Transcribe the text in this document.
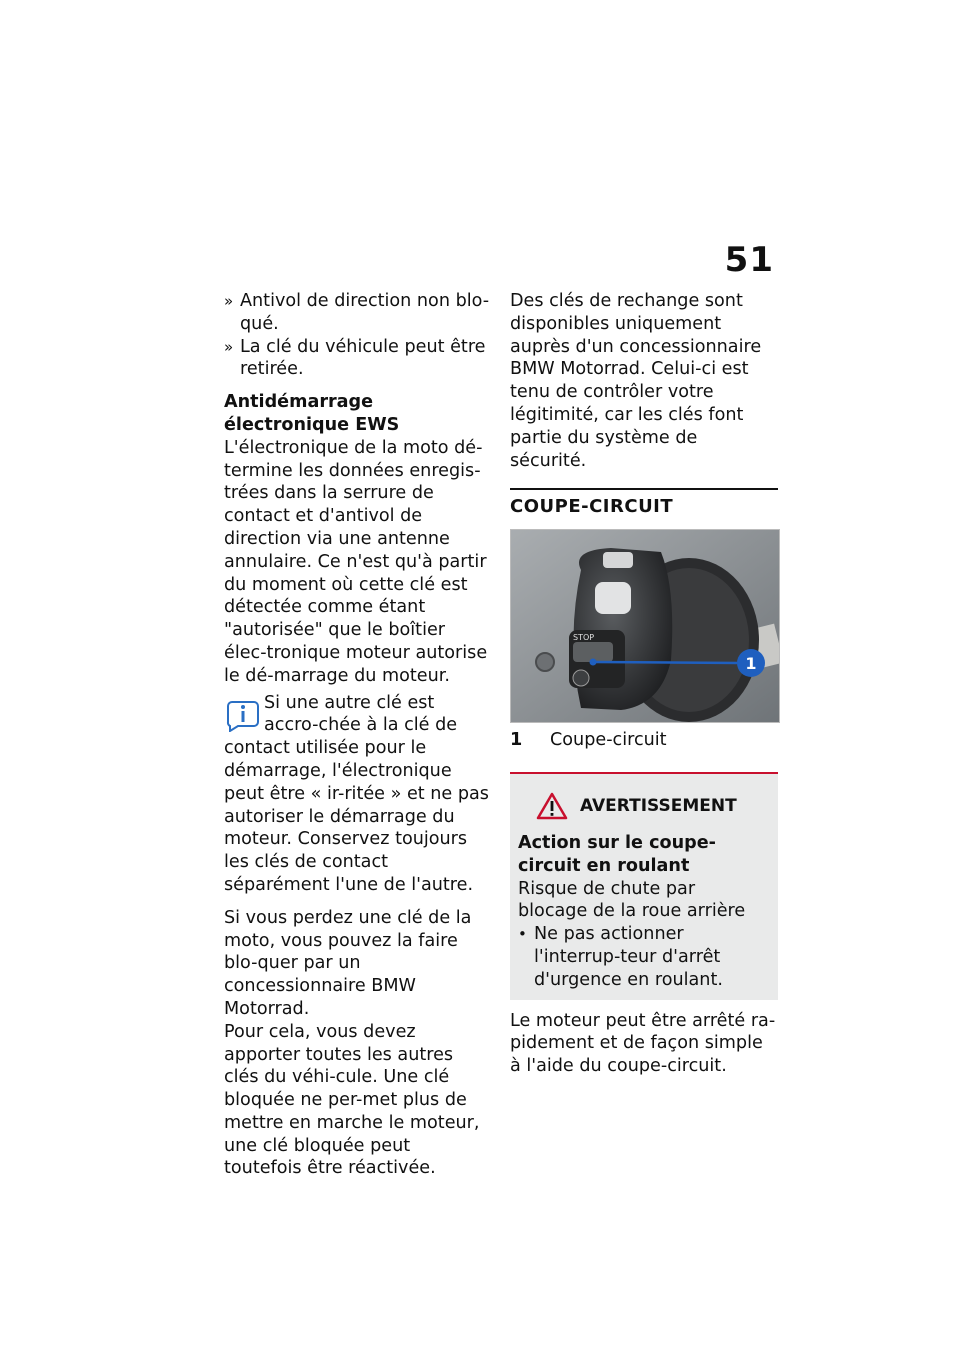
51
» Antivol de direction non blo-
qué.
» La clé du véhicule peut être
retirée.

Antidémarrage électronique EWS

L'électronique de la moto dé-termine les données enregis-trées dans la serrure de contact et d'antivol de direction via une antenne annulaire. Ce n'est qu'à partir du moment où cette clé est détectée comme étant "autorisée" que le boîtier élec-tronique moteur autorise le dé-marrage du moteur.

Si une autre clé est accro-chée à la clé de contact utilisée pour le démarrage, l'électronique peut être « ir-ritée » et ne pas autoriser le démarrage du moteur. Conservez toujours les clés de contact séparément l'une de l'autre.

Si vous perdez une clé de la moto, vous pouvez la faire blo-quer par un concessionnaire BMW Motorrad.

Pour cela, vous devez apporter toutes les autres clés du véhi-cule. Une clé bloquée ne per-met plus de mettre en marche le moteur, une clé bloquée peut toutefois être réactivée.

Des clés de rechange sont disponibles uniquement auprès d'un concessionnaire BMW Motorrad. Celui-ci est tenu de contrôler votre légitimité, car les clés font partie du système de sécurité.

COUPE-CIRCUIT
STOP
1
1	Coupe-circuit
AVERTISSEMENT

Action sur le coupe-circuit en roulant

Risque de chute par blocage de la roue arrière

• Ne pas actionner l'interrup-teur d'arrêt d'urgence en roulant.

Le moteur peut être arrêté ra-pidement et de façon simple à l'aide du coupe-circuit.
